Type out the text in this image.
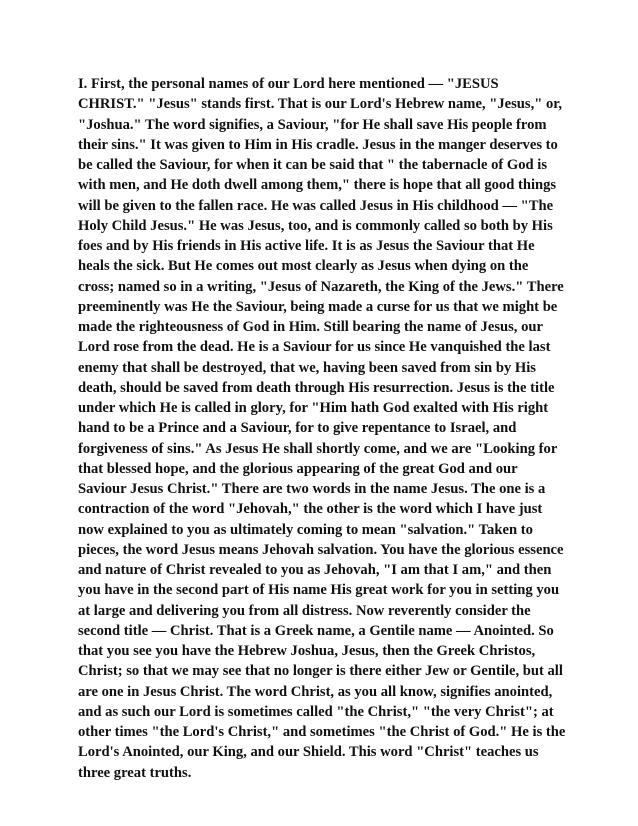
I. First, the personal names of our Lord here mentioned — "JESUS
CHRIST." "Jesus" stands first. That is our Lord's Hebrew name, "Jesus," or,
"Joshua." The word signifies, a Saviour, "for He shall save His people from
their sins." It was given to Him in His cradle. Jesus in the manger deserves to
be called the Saviour, for when it can be said that " the tabernacle of God is
with men, and He doth dwell among them," there is hope that all good things
will be given to the fallen race. He was called Jesus in His childhood — "The
Holy Child Jesus." He was Jesus, too, and is commonly called so both by His
foes and by His friends in His active life. It is as Jesus the Saviour that He
heals the sick. But He comes out most clearly as Jesus when dying on the
cross; named so in a writing, "Jesus of Nazareth, the King of the Jews." There
preeminently was He the Saviour, being made a curse for us that we might be
made the righteousness of God in Him. Still bearing the name of Jesus, our
Lord rose from the dead. He is a Saviour for us since He vanquished the last
enemy that shall be destroyed, that we, having been saved from sin by His
death, should be saved from death through His resurrection. Jesus is the title
under which He is called in glory, for "Him hath God exalted with His right
hand to be a Prince and a Saviour, for to give repentance to Israel, and
forgiveness of sins." As Jesus He shall shortly come, and we are "Looking for
that blessed hope, and the glorious appearing of the great God and our
Saviour Jesus Christ." There are two words in the name Jesus. The one is a
contraction of the word "Jehovah," the other is the word which I have just
now explained to you as ultimately coming to mean "salvation." Taken to
pieces, the word Jesus means Jehovah salvation. You have the glorious essence
and nature of Christ revealed to you as Jehovah, "I am that I am," and then
you have in the second part of His name His great work for you in setting you
at large and delivering you from all distress. Now reverently consider the
second title — Christ. That is a Greek name, a Gentile name — Anointed. So
that you see you have the Hebrew Joshua, Jesus, then the Greek Christos,
Christ; so that we may see that no longer is there either Jew or Gentile, but all
are one in Jesus Christ. The word Christ, as you all know, signifies anointed,
and as such our Lord is sometimes called "the Christ," "the very Christ"; at
other times "the Lord's Christ," and sometimes "the Christ of God." He is the
Lord's Anointed, our King, and our Shield. This word "Christ" teaches us
three great truths.
